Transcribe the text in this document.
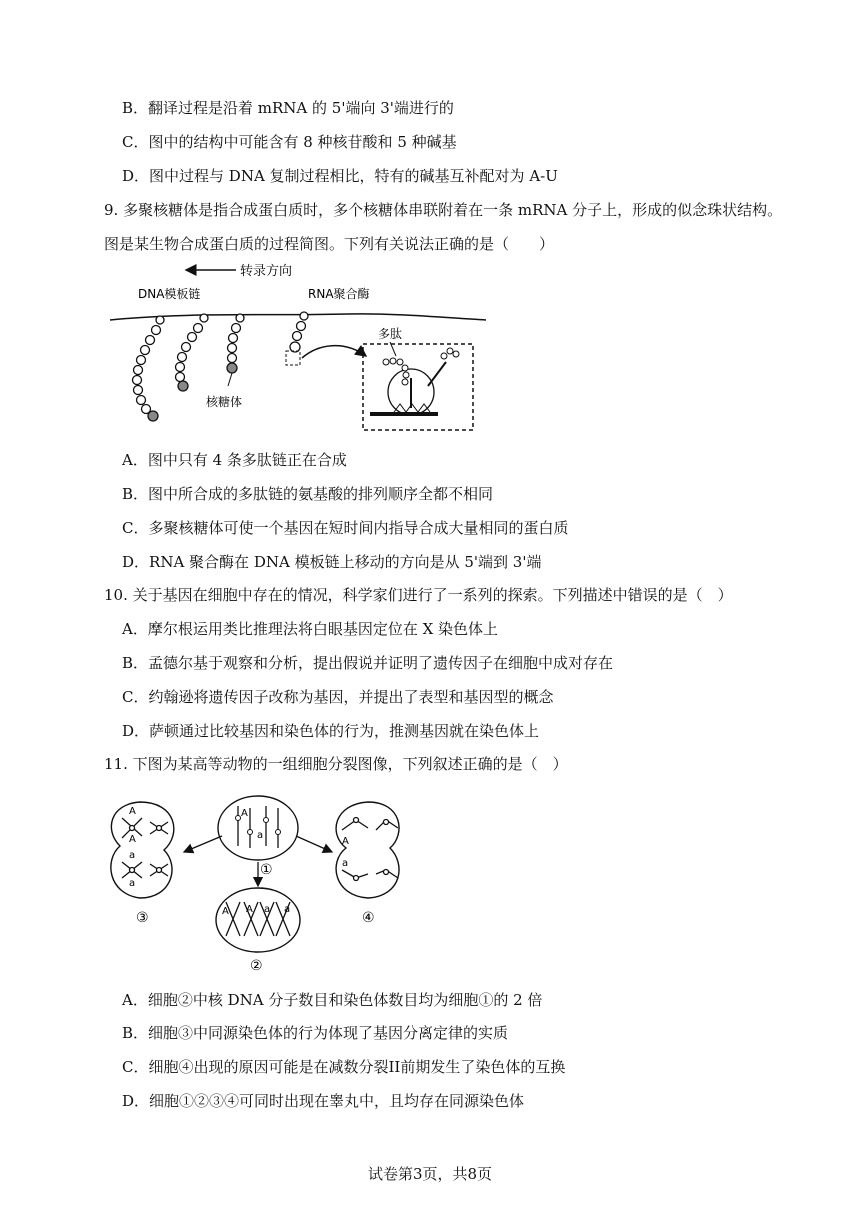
B．翻译过程是沿着 mRNA 的 5'端向 3'端进行的
C．图中的结构中可能含有 8 种核苷酸和 5 种碱基
D．图中过程与 DNA 复制过程相比，特有的碱基互补配对为 A-U
9. 多聚核糖体是指合成蛋白质时，多个核糖体串联附着在一条 mRNA 分子上，形成的似念珠状结构。
图是某生物合成蛋白质的过程简图。下列有关说法正确的是（　　）
转录方向
DNA模板链	RNA聚合酶
核糖体
多肽
A．图中只有 4 条多肽链正在合成
B．图中所合成的多肽链的氨基酸的排列顺序全都不相同
C．多聚核糖体可使一个基因在短时间内指导合成大量相同的蛋白质
D．RNA 聚合酶在 DNA 模板链上移动的方向是从 5'端到 3'端
10. 关于基因在细胞中存在的情况，科学家们进行了一系列的探索。下列描述中错误的是（　）
A．摩尔根运用类比推理法将白眼基因定位在 X 染色体上
B．孟德尔基于观察和分析，提出假说并证明了遗传因子在细胞中成对存在
C．约翰逊将遗传因子改称为基因，并提出了表型和基因型的概念
D．萨顿通过比较基因和染色体的行为，推测基因就在染色体上
11. 下图为某高等动物的一组细胞分裂图像，下列叙述正确的是（　）
A
A
a
a
③
A
a
①
A A a a
②
A
a
④
A．细胞②中核 DNA 分子数目和染色体数目均为细胞①的 2 倍
B．细胞③中同源染色体的行为体现了基因分离定律的实质
C．细胞④出现的原因可能是在减数分裂II前期发生了染色体的互换
D．细胞①②③④可同时出现在睾丸中，且均存在同源染色体
试卷第3页，共8页
